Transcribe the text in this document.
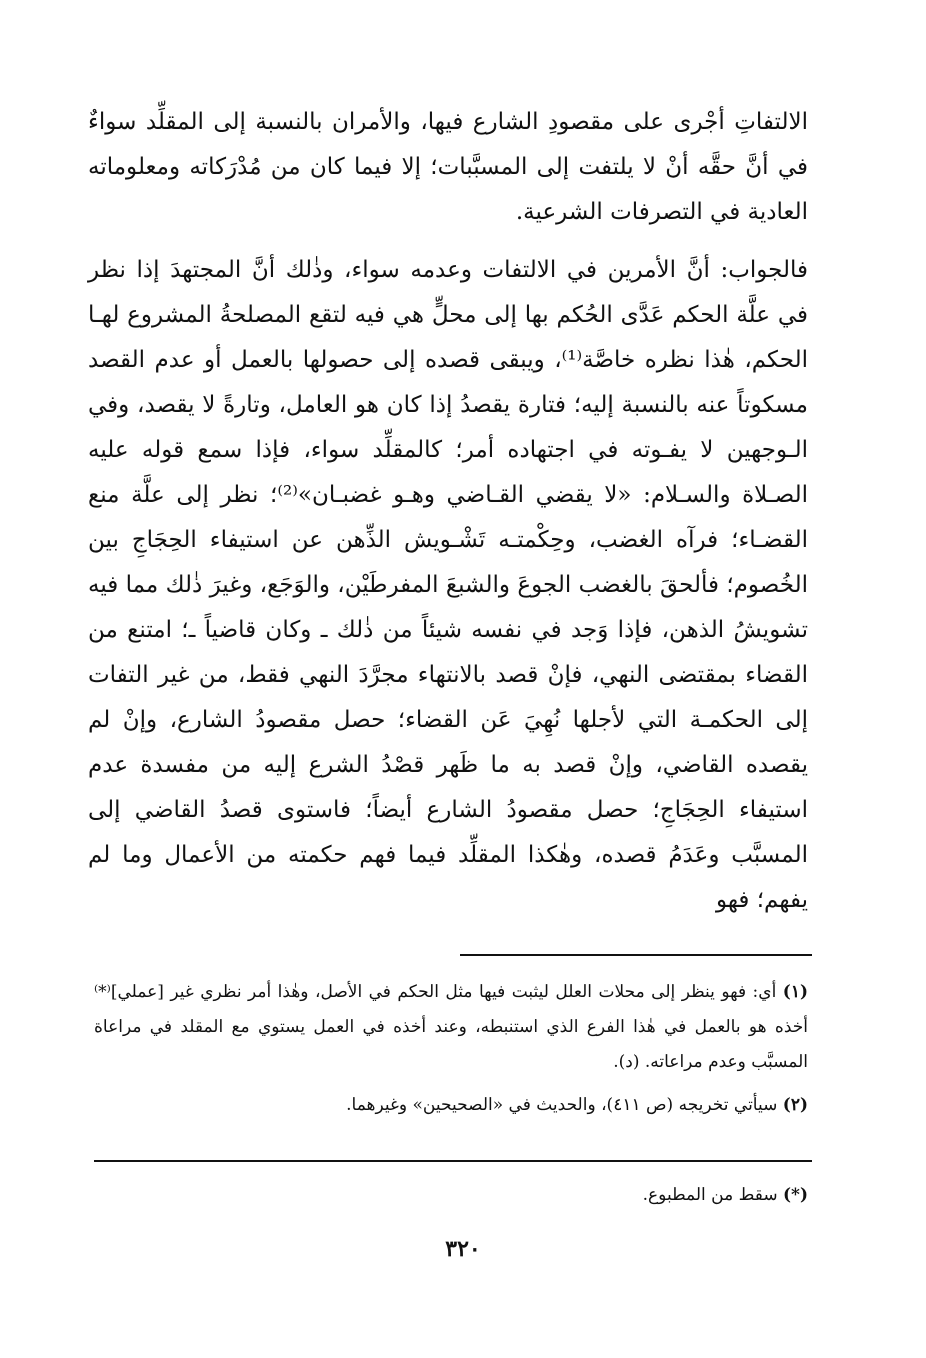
الالتفاتِ أجْرى على مقصودِ الشارع فيها، والأمران بالنسبة إلى المقلِّد سواءٌ في أنَّ حقَّه أنْ لا يلتفت إلى المسبَّبات؛ إلا فيما كان من مُدْرَكاته ومعلوماته العادية في التصرفات الشرعية.

فالجواب: أنَّ الأمرين في الالتفات وعدمه سواء، وذٰلك أنَّ المجتهدَ إذا نظر في علَّة الحكم عَدَّى الحُكم بها إلى محلٍّ هي فيه لتقع المصلحةُ المشروع لهـا الحكم، هٰذا نظره خاصَّة⁽¹⁾، ويبقى قصده إلى حصولها بالعمل أو عدم القصد مسكوتاً عنه بالنسبة إليه؛ فتارة يقصدُ إذا كان هو العامل، وتارةً لا يقصد، وفي الـوجهين لا يفـوته في اجتهاده أمر؛ كالمقلِّد سواء، فإذا سمع قوله عليه الصـلاة والسـلام: «لا يقضي القـاضي وهـو غضبـان»⁽²⁾؛ نظر إلى علَّة منع القضـاء؛ فرآه الغضب، وحِكْمتـه تَشْـويش الذِّهن عن استيفاء الحِجَاجِ بين الخُصوم؛ فألحقَ بالغضب الجوعَ والشبعَ المفرطَيْن، والوَجَع، وغيرَ ذٰلك مما فيه تشويشُ الذهن، فإذا وَجد في نفسه شيئاً من ذٰلك ـ وكان قاضياً ـ؛ امتنع من القضاء بمقتضى النهي، فإنْ قصد بالانتهاء مجرَّدَ النهي فقط، من غير التفات إلى الحكمـة التي لأجلها نُهِيَ عَن القضاء؛ حصل مقصودُ الشارع، وإنْ لم يقصده القاضي، وإنْ قصد به ما ظَهر قصْدُ الشرع إليه من مفسدة عدم استيفاء الحِجَاجِ؛ حصل مقصودُ الشارع أيضاً؛ فاستوى قصدُ القاضي إلى المسبَّب وعَدَمُ قصده، وهٰكذا المقلِّد فيما فهم حكمته من الأعمال وما لم يفهم؛ فهو

(١) أي: فهو ينظر إلى محلات العلل ليثبت فيها مثل الحكم في الأصل، وهٰذا أمر نظري غير [عملي]⁽*⁾ أخذه هو بالعمل في هٰذا الفرع الذي استنبطه، وعند أخذه في العمل يستوي مع المقلد في مراعاة المسبَّب وعدم مراعاته. (د).

(٢) سيأتي تخريجه (ص ٤١١)، والحديث في «الصحيحين» وغيرهما.

(*) سقط من المطبوع.

٣٢٠
